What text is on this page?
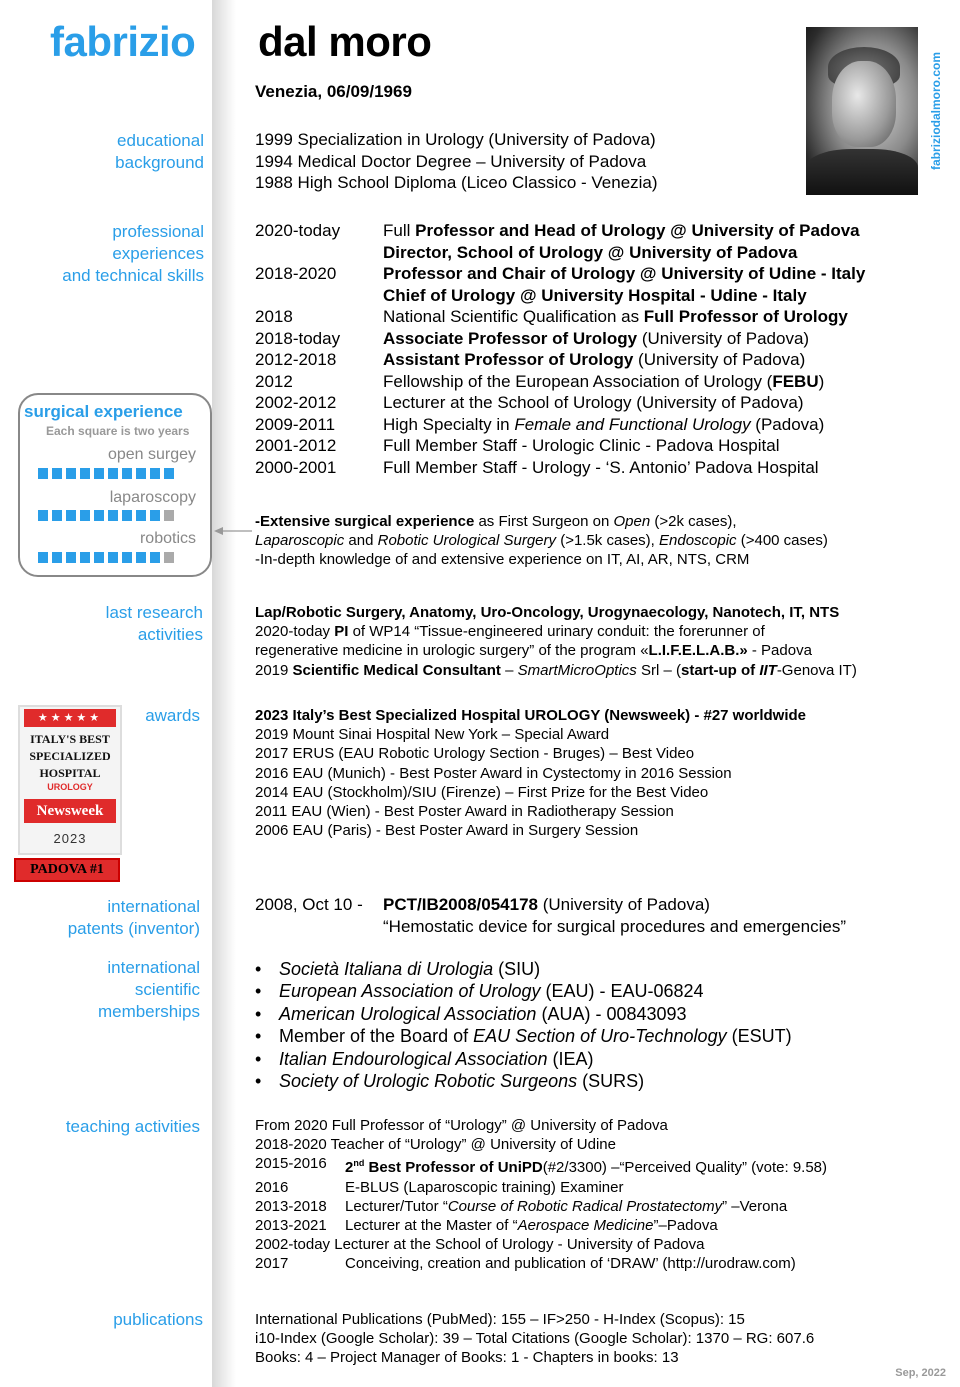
fabrizio dal moro
fabriziodalmoro.com
Venezia, 06/09/1969
educational
background
professional
experiences
and technical skills
last research
activities
awards
international
patents (inventor)
international
scientific
memberships
teaching activities
publications
1999 Specialization in Urology (University of Padova)
1994 Medical Doctor Degree – University of Padova
1988 High School Diploma (Liceo Classico - Venezia)
2020-today	Full Professor and Head of Urology @ University of Padova
Director, School of Urology @ University of Padova
2018-2020	Professor and Chair of Urology @ University of Udine - Italy
Chief of Urology @ University Hospital - Udine - Italy
2018	National Scientific Qualification as Full Professor of Urology
2018-today	Associate Professor of Urology (University of Padova)
2012-2018	Assistant Professor of Urology (University of Padova)
2012	Fellowship of the European Association of Urology (FEBU)
2002-2012	Lecturer at the School of Urology (University of Padova)
2009-2011	High Specialty in Female and Functional Urology (Padova)
2001-2012	Full Member Staff - Urologic Clinic - Padova Hospital
2000-2001	Full Member Staff - Urology - ‘S. Antonio’ Padova Hospital
surgical experience
Each square is two years
open surgey
laparoscopy
robotics
-Extensive surgical experience as First Surgeon on Open (>2k cases),
Laparoscopic and Robotic Urological Surgery (>1.5k cases), Endoscopic (>400 cases)
-In-depth knowledge of and extensive experience on IT, AI, AR, NTS, CRM
Lap/Robotic Surgery, Anatomy, Uro-Oncology, Urogynaecology, Nanotech, IT, NTS
2020-today PI of WP14 “Tissue-engineered urinary conduit: the forerunner of
regenerative medicine in urologic surgery” of the program «L.I.F.E.L.A.B.» - Padova
2019 Scientific Medical Consultant – SmartMicroOptics Srl – (start-up of IIT-Genova IT)
★★★★★
ITALY'S BEST
SPECIALIZED
HOSPITAL
UROLOGY
Newsweek
2023
PADOVA #1
2023 Italy’s Best Specialized Hospital UROLOGY (Newsweek) - #27 worldwide
2019 Mount Sinai Hospital New York – Special Award
2017 ERUS (EAU Robotic Urology Section - Bruges) – Best Video
2016 EAU (Munich) - Best Poster Award in Cystectomy in 2016 Session
2014 EAU (Stockholm)/SIU (Firenze) – First Prize for the Best Video
2011 EAU (Wien) - Best Poster Award in Radiotherapy Session
2006 EAU (Paris) - Best Poster Award in Surgery Session
2008, Oct 10 -	PCT/IB2008/054178 (University of Padova)
“Hemostatic device for surgical procedures and emergencies”
• Società Italiana di Urologia (SIU)
• European Association of Urology (EAU) - EAU-06824
• American Urological Association (AUA) - 00843093
• Member of the Board of EAU Section of Uro-Technology (ESUT)
• Italian Endourological Association (IEA)
• Society of Urologic Robotic Surgeons (SURS)
From 2020 Full Professor of “Urology” @ University of Padova
2018-2020 Teacher of “Urology” @ University of Udine
2015-2016	2nd Best Professor of UniPD(#2/3300) –“Perceived Quality” (vote: 9.58)
2016	E-BLUS (Laparoscopic training) Examiner
2013-2018	Lecturer/Tutor “Course of Robotic Radical Prostatectomy” –Verona
2013-2021	Lecturer at the Master of “Aerospace Medicine”–Padova
2002-today Lecturer at the School of Urology - University of Padova
2017	Conceiving, creation and publication of ‘DRAW’ (http://urodraw.com)
International Publications (PubMed): 155 – IF>250 - H-Index (Scopus): 15
i10-Index (Google Scholar): 39 – Total Citations (Google Scholar): 1370 – RG: 607.6
Books: 4 – Project Manager of Books: 1 - Chapters in books: 13
Sep, 2022
